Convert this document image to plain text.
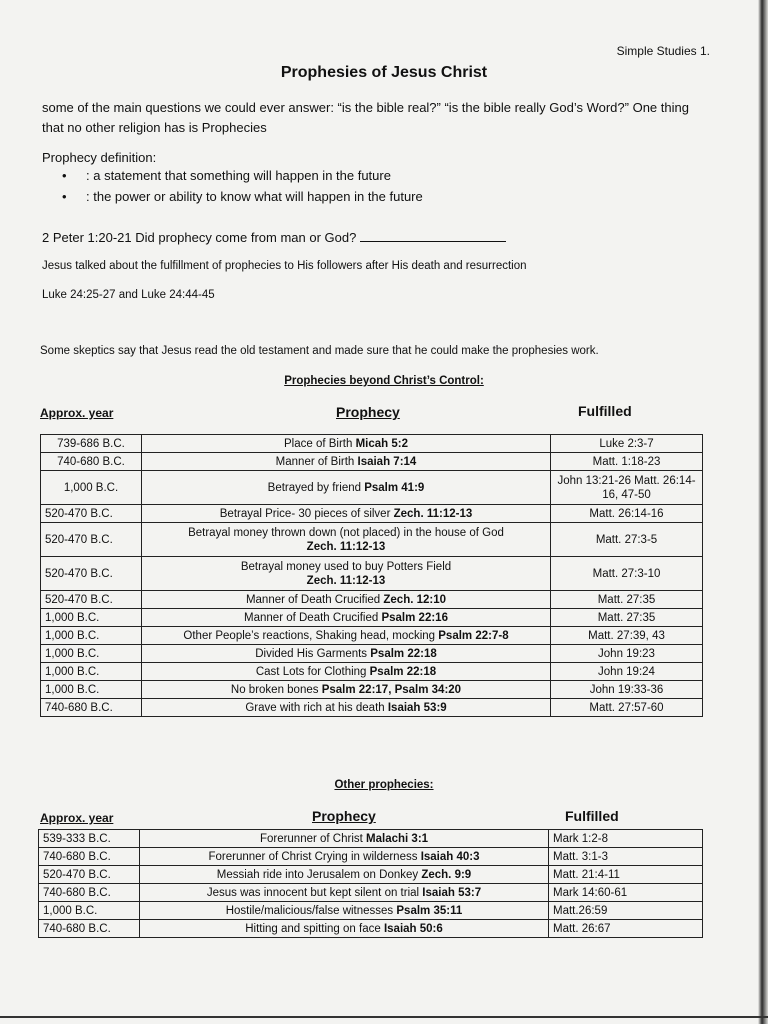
Simple Studies 1.
Prophesies of Jesus Christ
some of the main questions we could ever answer: “is the bible real?” “is the bible really God’s Word?” One thing that no other religion has is Prophecies
Prophecy definition:
• : a statement that something will happen in the future
• : the power or ability to know what will happen in the future
2 Peter 1:20-21 Did prophecy come from man or God?
Jesus talked about the fulfillment of prophecies to His followers after His death and resurrection
Luke 24:25-27 and Luke 24:44-45
Some skeptics say that Jesus read the old testament and made sure that he could make the prophesies work.
Prophecies beyond Christ’s Control:
Approx. year	Prophecy	Fulfilled
739-686 B.C.	Place of Birth Micah 5:2	Luke 2:3-7
740-680 B.C.	Manner of Birth Isaiah 7:14	Matt. 1:18-23
1,000 B.C.	Betrayed by friend Psalm 41:9	John 13:21-26 Matt. 26:14-16, 47-50
520-470 B.C.	Betrayal Price- 30 pieces of silver Zech. 11:12-13	Matt. 26:14-16
520-470 B.C.	Betrayal money thrown down (not placed) in the house of God
Zech. 11:12-13	Matt. 27:3-5
520-470 B.C.	Betrayal money used to buy Potters Field
Zech. 11:12-13	Matt. 27:3-10
520-470 B.C.	Manner of Death Crucified Zech. 12:10	Matt. 27:35
1,000 B.C.	Manner of Death Crucified Psalm 22:16	Matt. 27:35
1,000 B.C.	Other People’s reactions, Shaking head, mocking Psalm 22:7-8	Matt. 27:39, 43
1,000 B.C.	Divided His Garments Psalm 22:18	John 19:23
1,000 B.C.	Cast Lots for Clothing Psalm 22:18	John 19:24
1,000 B.C.	No broken bones Psalm 22:17, Psalm 34:20	John 19:33-36
740-680 B.C.	Grave with rich at his death Isaiah 53:9	Matt. 27:57-60
Other prophecies:
Approx. year	Prophecy	Fulfilled
539-333 B.C.	Forerunner of Christ Malachi 3:1	Mark 1:2-8
740-680 B.C.	Forerunner of Christ Crying in wilderness Isaiah 40:3	Matt. 3:1-3
520-470 B.C.	Messiah ride into Jerusalem on Donkey Zech. 9:9	Matt. 21:4-11
740-680 B.C.	Jesus was innocent but kept silent on trial Isaiah 53:7	Mark 14:60-61
1,000 B.C.	Hostile/malicious/false witnesses Psalm 35:11	Matt.26:59
740-680 B.C.	Hitting and spitting on face Isaiah 50:6	Matt. 26:67
